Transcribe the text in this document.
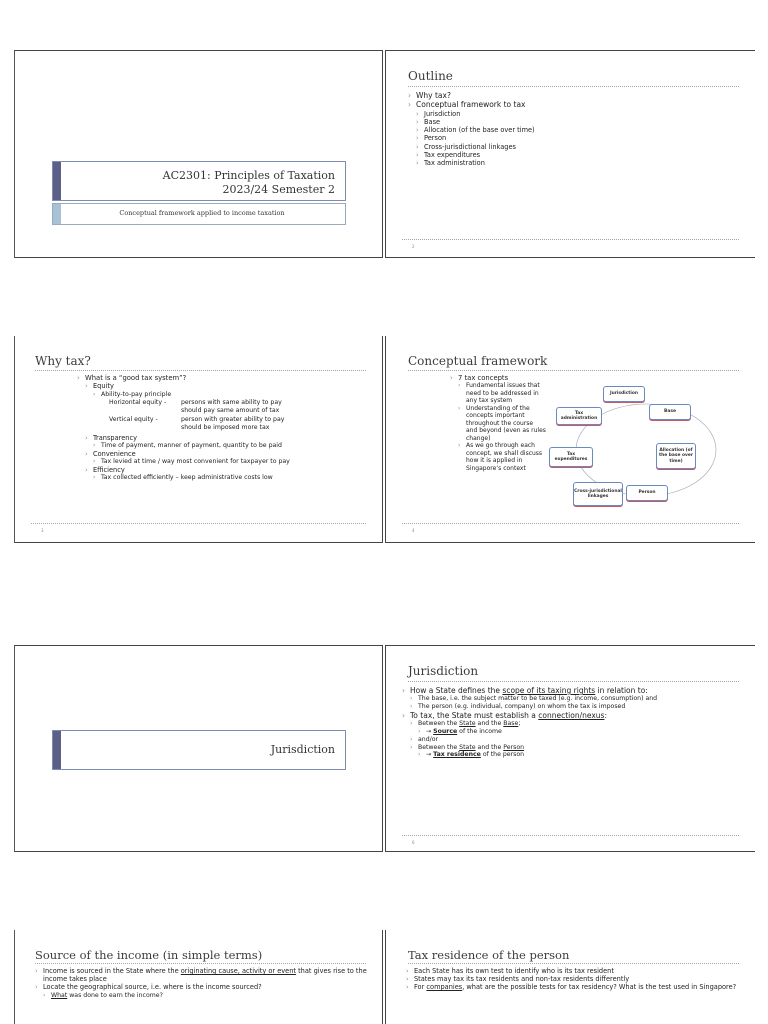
AC2301: Principles of Taxation
2023/24 Semester 2
Conceptual framework applied to income taxation
Outline
› Why tax?
› Conceptual framework to tax
› Jurisdiction
› Base
› Allocation (of the base over time)
› Person
› Cross-jurisdictional linkages
› Tax expenditures
› Tax administration
2
Why tax?
› What is a “good tax system”?
› Equity
› Ability-to-pay principle
Horizontal equity -	persons with same ability to pay should pay same amount of tax
Vertical equity -	person with greater ability to pay should be imposed more tax
› Transparency
› Time of payment, manner of payment, quantity to be paid
› Convenience
› Tax levied at time / way most convenient for taxpayer to pay
› Efficiency
› Tax collected efficiently – keep administrative costs low
3
Conceptual framework
› 7 tax concepts
› Fundamental issues that need to be addressed in any tax system
› Understanding of the concepts important throughout the course and beyond (even as rules change)
› As we go through each concept, we shall discuss how it is applied in Singapore’s context
Jurisdiction
Base
Allocation (of the base over time)
Person
Cross-jurisdictional linkages
Tax expenditures
Tax administration
4
Jurisdiction
Jurisdiction
› How a State defines the scope of its taxing rights in relation to:
› The base, i.e. the subject matter to be taxed (e.g. income, consumption) and
› The person (e.g. individual, company) on whom the tax is imposed
› To tax, the State must establish a connection/nexus:
› Between the State and the Base;
› → Source of the income
› and/or
› Between the State and the Person
› → Tax residence of the person
6
Source of the income (in simple terms)
› Income is sourced in the State where the originating cause, activity or event that gives rise to the income takes place
› Locate the geographical source, i.e. where is the income sourced?
› What was done to earn the income?
Tax residence of the person
› Each State has its own test to identify who is its tax resident
› States may tax its tax residents and non-tax residents differently
› For companies, what are the possible tests for tax residency? What is the test used in Singapore?
